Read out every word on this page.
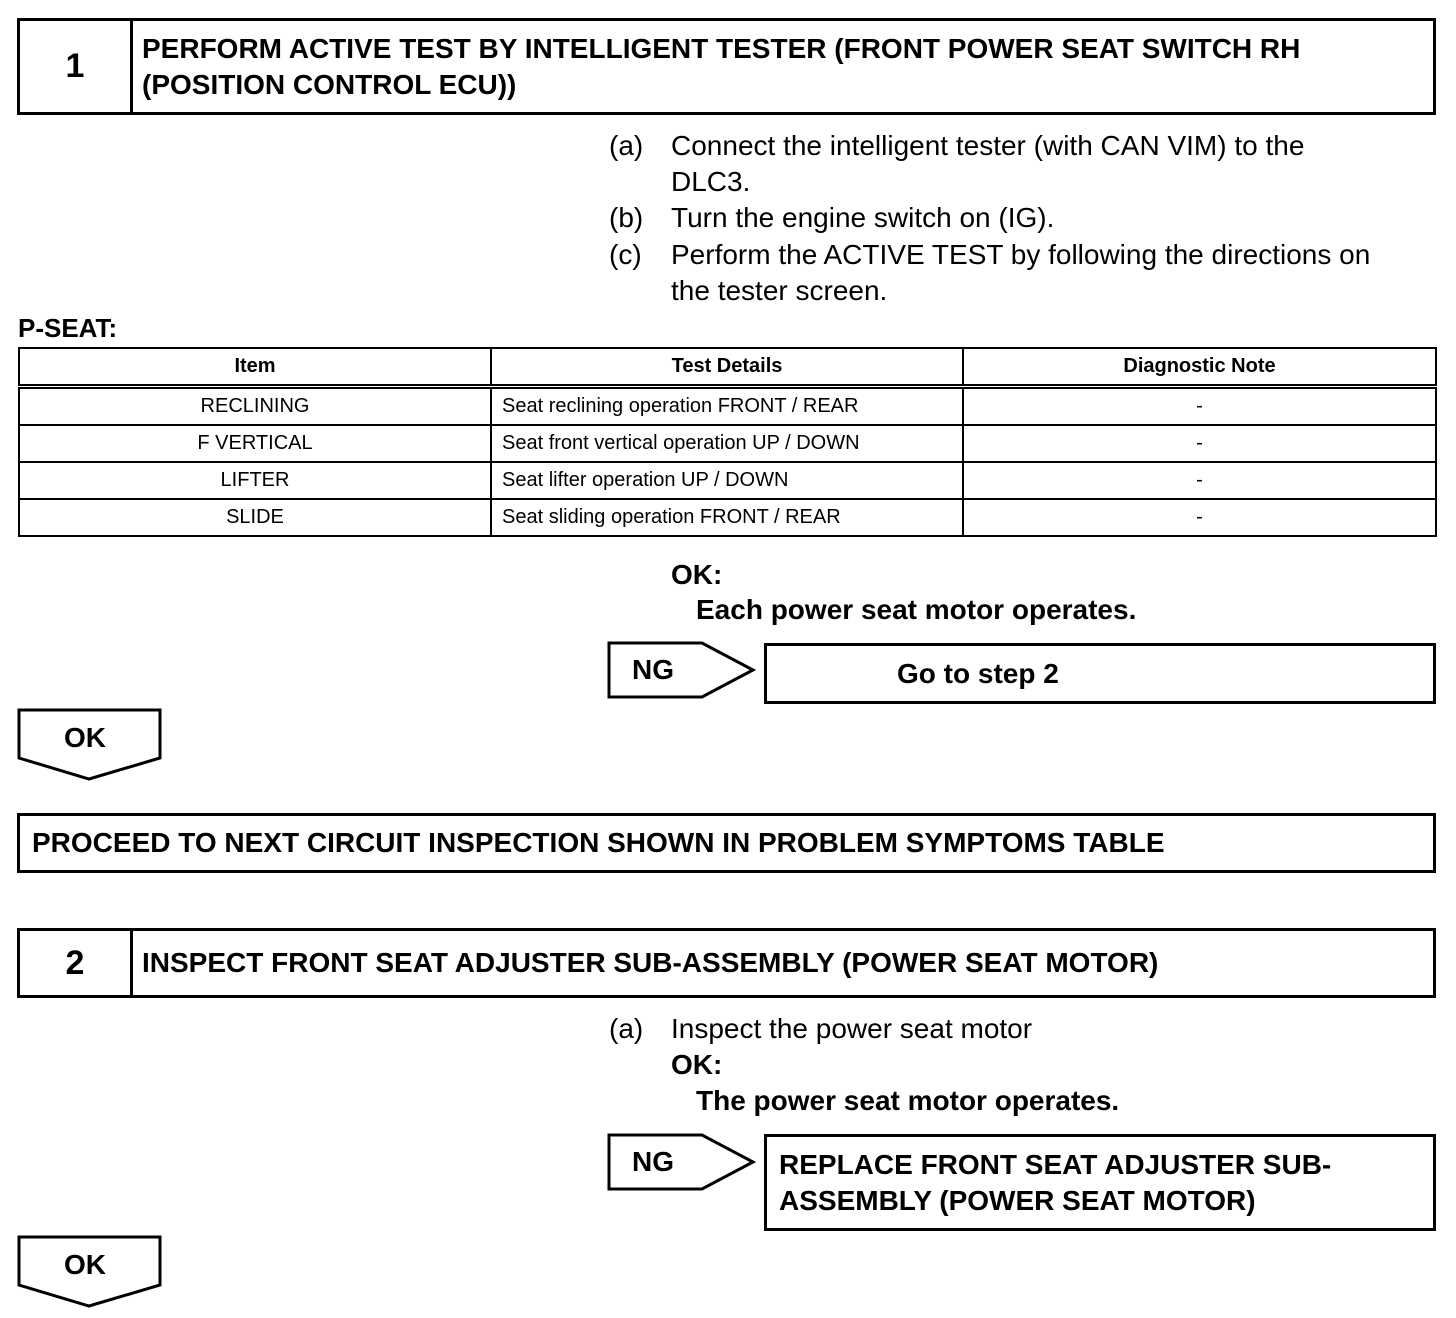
1	PERFORM ACTIVE TEST BY INTELLIGENT TESTER (FRONT POWER SEAT SWITCH RH
(POSITION CONTROL ECU))
(a) Connect the intelligent tester (with CAN VIM) to the
DLC3.
(b) Turn the engine switch on (IG).
(c) Perform the ACTIVE TEST by following the directions on
the tester screen.
P-SEAT:
Item	Test Details	Diagnostic Note
RECLINING	Seat reclining operation FRONT / REAR	-
F VERTICAL	Seat front vertical operation UP / DOWN	-
LIFTER	Seat lifter operation UP / DOWN	-
SLIDE	Seat sliding operation FRONT / REAR	-
OK:
Each power seat motor operates.
NG	Go to step 2
OK
PROCEED TO NEXT CIRCUIT INSPECTION SHOWN IN PROBLEM SYMPTOMS TABLE
2	INSPECT FRONT SEAT ADJUSTER SUB-ASSEMBLY (POWER SEAT MOTOR)
(a) Inspect the power seat motor
OK:
The power seat motor operates.
NG	REPLACE FRONT SEAT ADJUSTER SUB-
ASSEMBLY (POWER SEAT MOTOR)
OK
